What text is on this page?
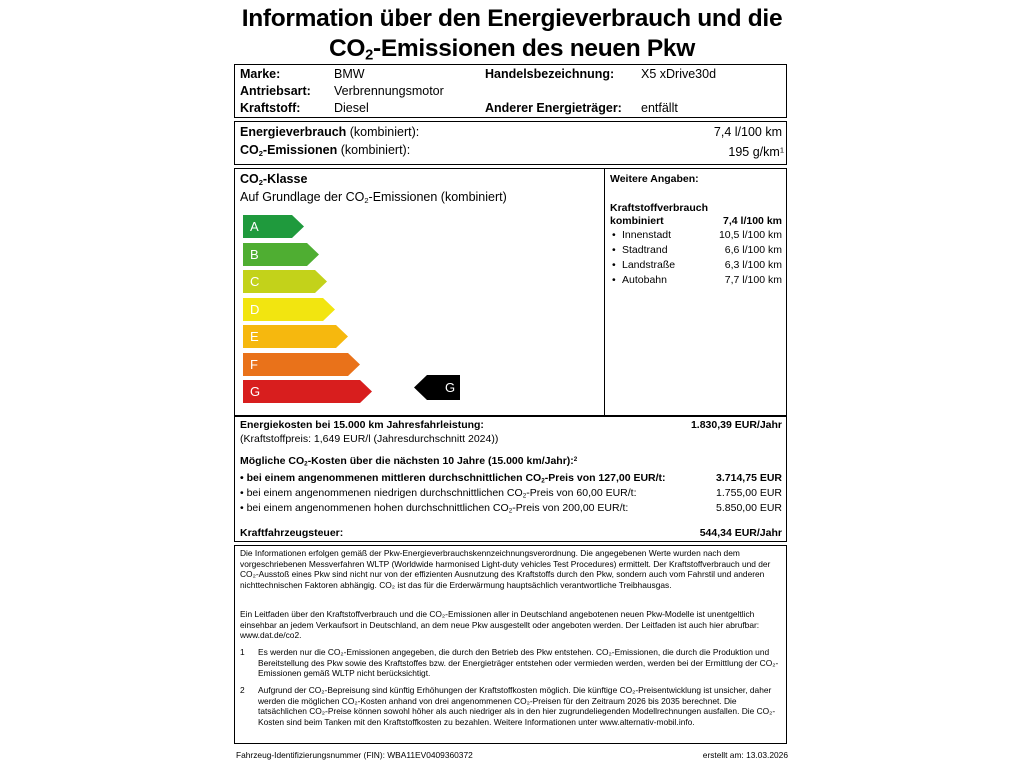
Information über den Energieverbrauch und die
$CO_2$-Emissionen des neuen Pkw
Marke:	BMW
Antriebsart: Verbrennungsmotor
Kraftstoff:	Diesel
Handelsbezeichnung: X5 xDrive30d
Anderer Energieträger: entfällt
Energieverbrauch (kombiniert):	7,4 l/100 km
$CO_2$-Emissionen (kombiniert):	195 $g/km^1$
$CO_2$-Klasse
Auf Grundlage der $CO_2$-Emissionen (kombiniert)
A
B
C
D
E
F
G	G
Weitere Angaben:
Kraftstoffverbrauch
kombiniert	7,4 l/100 km
• Innenstadt	10,5 l/100 km
• Stadtrand	6,6 l/100 km
• Landstraße	6,3 l/100 km
• Autobahn	7,7 l/100 km
Energiekosten bei 15.000 km Jahresfahrleistung:	1.830,39 EUR/Jahr
(Kraftstoffpreis: 1,649 EUR/l (Jahresdurchschnitt 2024))
Mögliche $CO_2$-Kosten über die nächsten 10 Jahre (15.000 km/Jahr):$^2$
• bei einem angenommenen mittleren durchschnittlichen $CO_2$-Preis von 127,00 EUR/t:	3.714,75 EUR
• bei einem angenommenen niedrigen durchschnittlichen $CO_2$-Preis von 60,00 EUR/t:	1.755,00 EUR
• bei einem angenommenen hohen durchschnittlichen $CO_2$-Preis von 200,00 EUR/t:	5.850,00 EUR
Kraftfahrzeugsteuer:	544,34 EUR/Jahr
Die Informationen erfolgen gemäß der Pkw-Energieverbrauchskennzeichnungsverordnung. Die angegebenen Werte wurden nach dem vorgeschriebenen Messverfahren WLTP (Worldwide harmonised Light-duty vehicles Test Procedures) ermittelt. Der Kraftstoffverbrauch und der CO₂-Ausstoß eines Pkw sind nicht nur von der effizienten Ausnutzung des Kraftstoffs durch den Pkw, sondern auch vom Fahrstil und anderen nichttechnischen Faktoren abhängig. CO₂ ist das für die Erderwärmung hauptsächlich verantwortliche Treibhausgas.
Ein Leitfaden über den Kraftstoffverbrauch und die CO₂-Emissionen aller in Deutschland angebotenen neuen Pkw-Modelle ist unentgeltlich einsehbar an jedem Verkaufsort in Deutschland, an dem neue Pkw ausgestellt oder angeboten werden. Der Leitfaden ist auch hier abrufbar: www.dat.de/co2.
1 Es werden nur die CO₂-Emissionen angegeben, die durch den Betrieb des Pkw entstehen. CO₂-Emissionen, die durch die Produktion und Bereitstellung des Pkw sowie des Kraftstoffes bzw. der Energieträger entstehen oder vermieden werden, werden bei der Ermittlung der CO₂-Emissionen gemäß WLTP nicht berücksichtigt.
2 Aufgrund der CO₂-Bepreisung sind künftig Erhöhungen der Kraftstoffkosten möglich. Die künftige CO₂-Preisentwicklung ist unsicher, daher werden die möglichen CO₂-Kosten anhand von drei angenommenen CO₂-Preisen für den Zeitraum 2026 bis 2035 berechnet. Die tatsächlichen CO₂-Preise können sowohl höher als auch niedriger als in den hier zugrundeliegenden Modellrechnungen ausfallen. Die CO₂-Kosten sind beim Tanken mit den Kraftstoffkosten zu bezahlen. Weitere Informationen unter www.alternativ-mobil.info.
Fahrzeug-Identifizierungsnummer (FIN): WBA11EV0409360372	erstellt am: 13.03.2026
